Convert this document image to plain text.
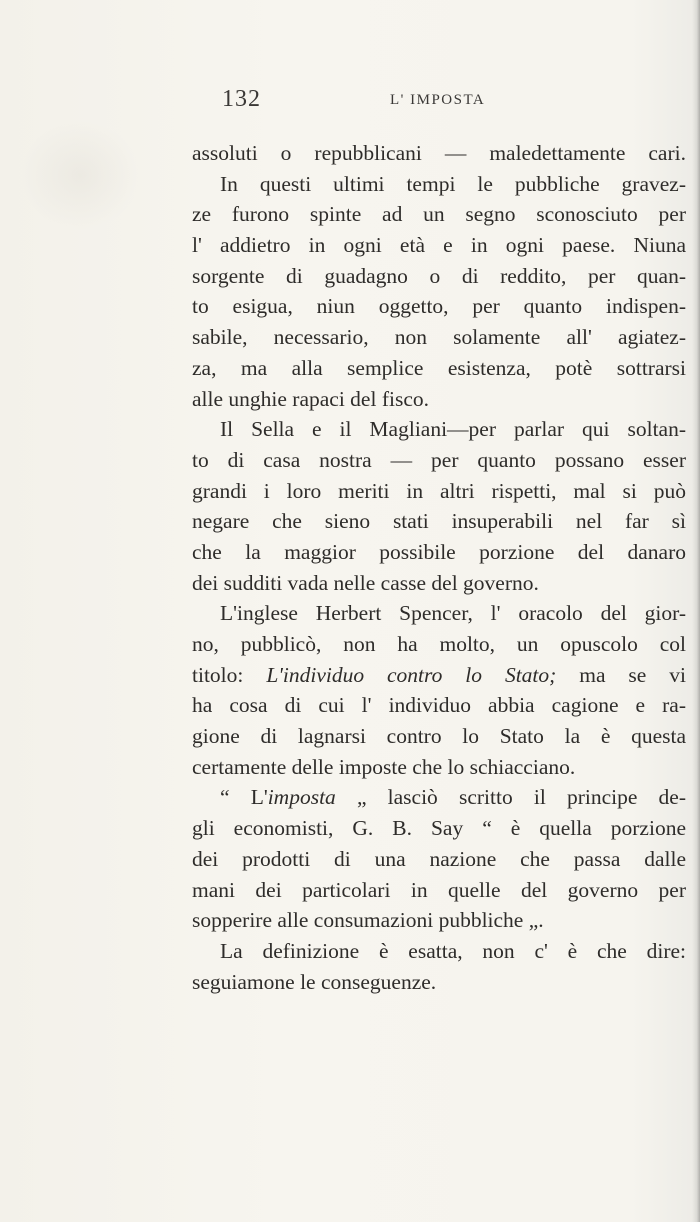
132	L' IMPOSTA
assoluti o repubblicani — maledettamente cari.
In questi ultimi tempi le pubbliche gravez-
ze furono spinte ad un segno sconosciuto per
l' addietro in ogni età e in ogni paese. Niuna
sorgente di guadagno o di reddito, per quan-
to esigua, niun oggetto, per quanto indispen-
sabile, necessario, non solamente all' agiatez-
za, ma alla semplice esistenza, potè sottrarsi
alle unghie rapaci del fisco.
Il Sella e il Magliani—per parlar qui soltan-
to di casa nostra — per quanto possano esser
grandi i loro meriti in altri rispetti, mal si può
negare che sieno stati insuperabili nel far sì
che la maggior possibile porzione del danaro
dei sudditi vada nelle casse del governo.
L'inglese Herbert Spencer, l' oracolo del gior-
no, pubblicò, non ha molto, un opuscolo col
titolo: L'individuo contro lo Stato; ma se vi
ha cosa di cui l' individuo abbia cagione e ra-
gione di lagnarsi contro lo Stato la è questa
certamente delle imposte che lo schiacciano.
“ L'imposta „ lasciò scritto il principe de-
gli economisti, G. B. Say “ è quella porzione
dei prodotti di una nazione che passa dalle
mani dei particolari in quelle del governo per
sopperire alle consumazioni pubbliche „.
La definizione è esatta, non c' è che dire:
seguiamone le conseguenze.
